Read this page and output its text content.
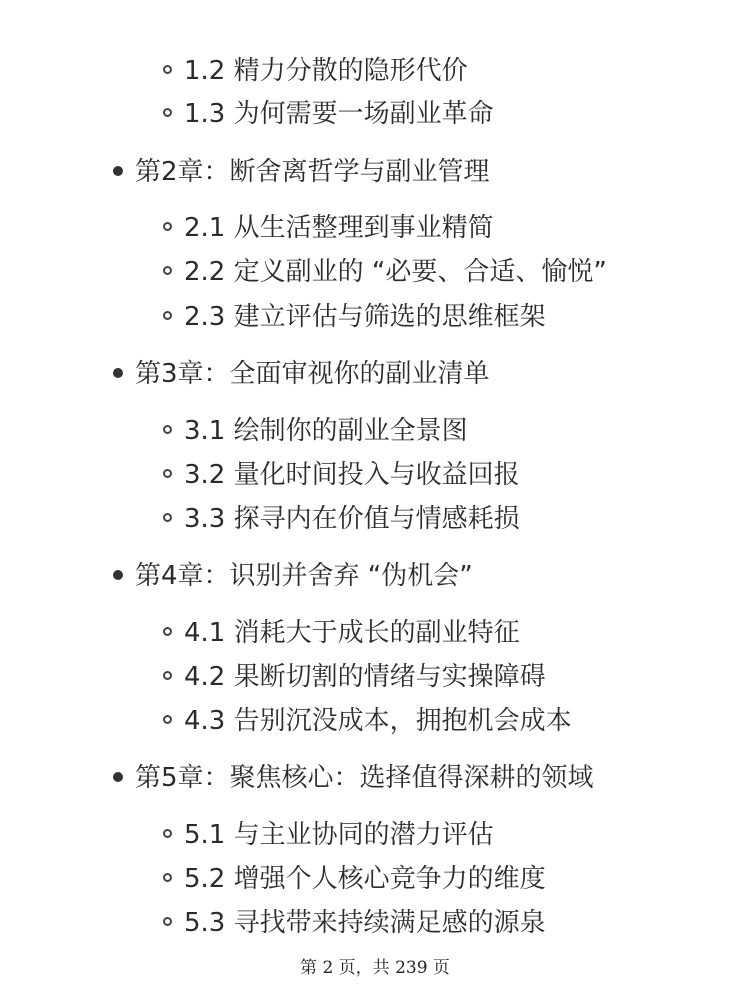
1.2 精力分散的隐形代价
1.3 为何需要一场副业革命
第2章：断舍离哲学与副业管理
2.1 从生活整理到事业精简
2.2 定义副业的 “必要、合适、愉悦”
2.3 建立评估与筛选的思维框架
第3章：全面审视你的副业清单
3.1 绘制你的副业全景图
3.2 量化时间投入与收益回报
3.3 探寻内在价值与情感耗损
第4章：识别并舍弃 “伪机会”
4.1 消耗大于成长的副业特征
4.2 果断切割的情绪与实操障碍
4.3 告别沉没成本，拥抱机会成本
第5章：聚焦核心：选择值得深耕的领域
5.1 与主业协同的潜力评估
5.2 增强个人核心竞争力的维度
5.3 寻找带来持续满足感的源泉
第 2 页，共 239 页
